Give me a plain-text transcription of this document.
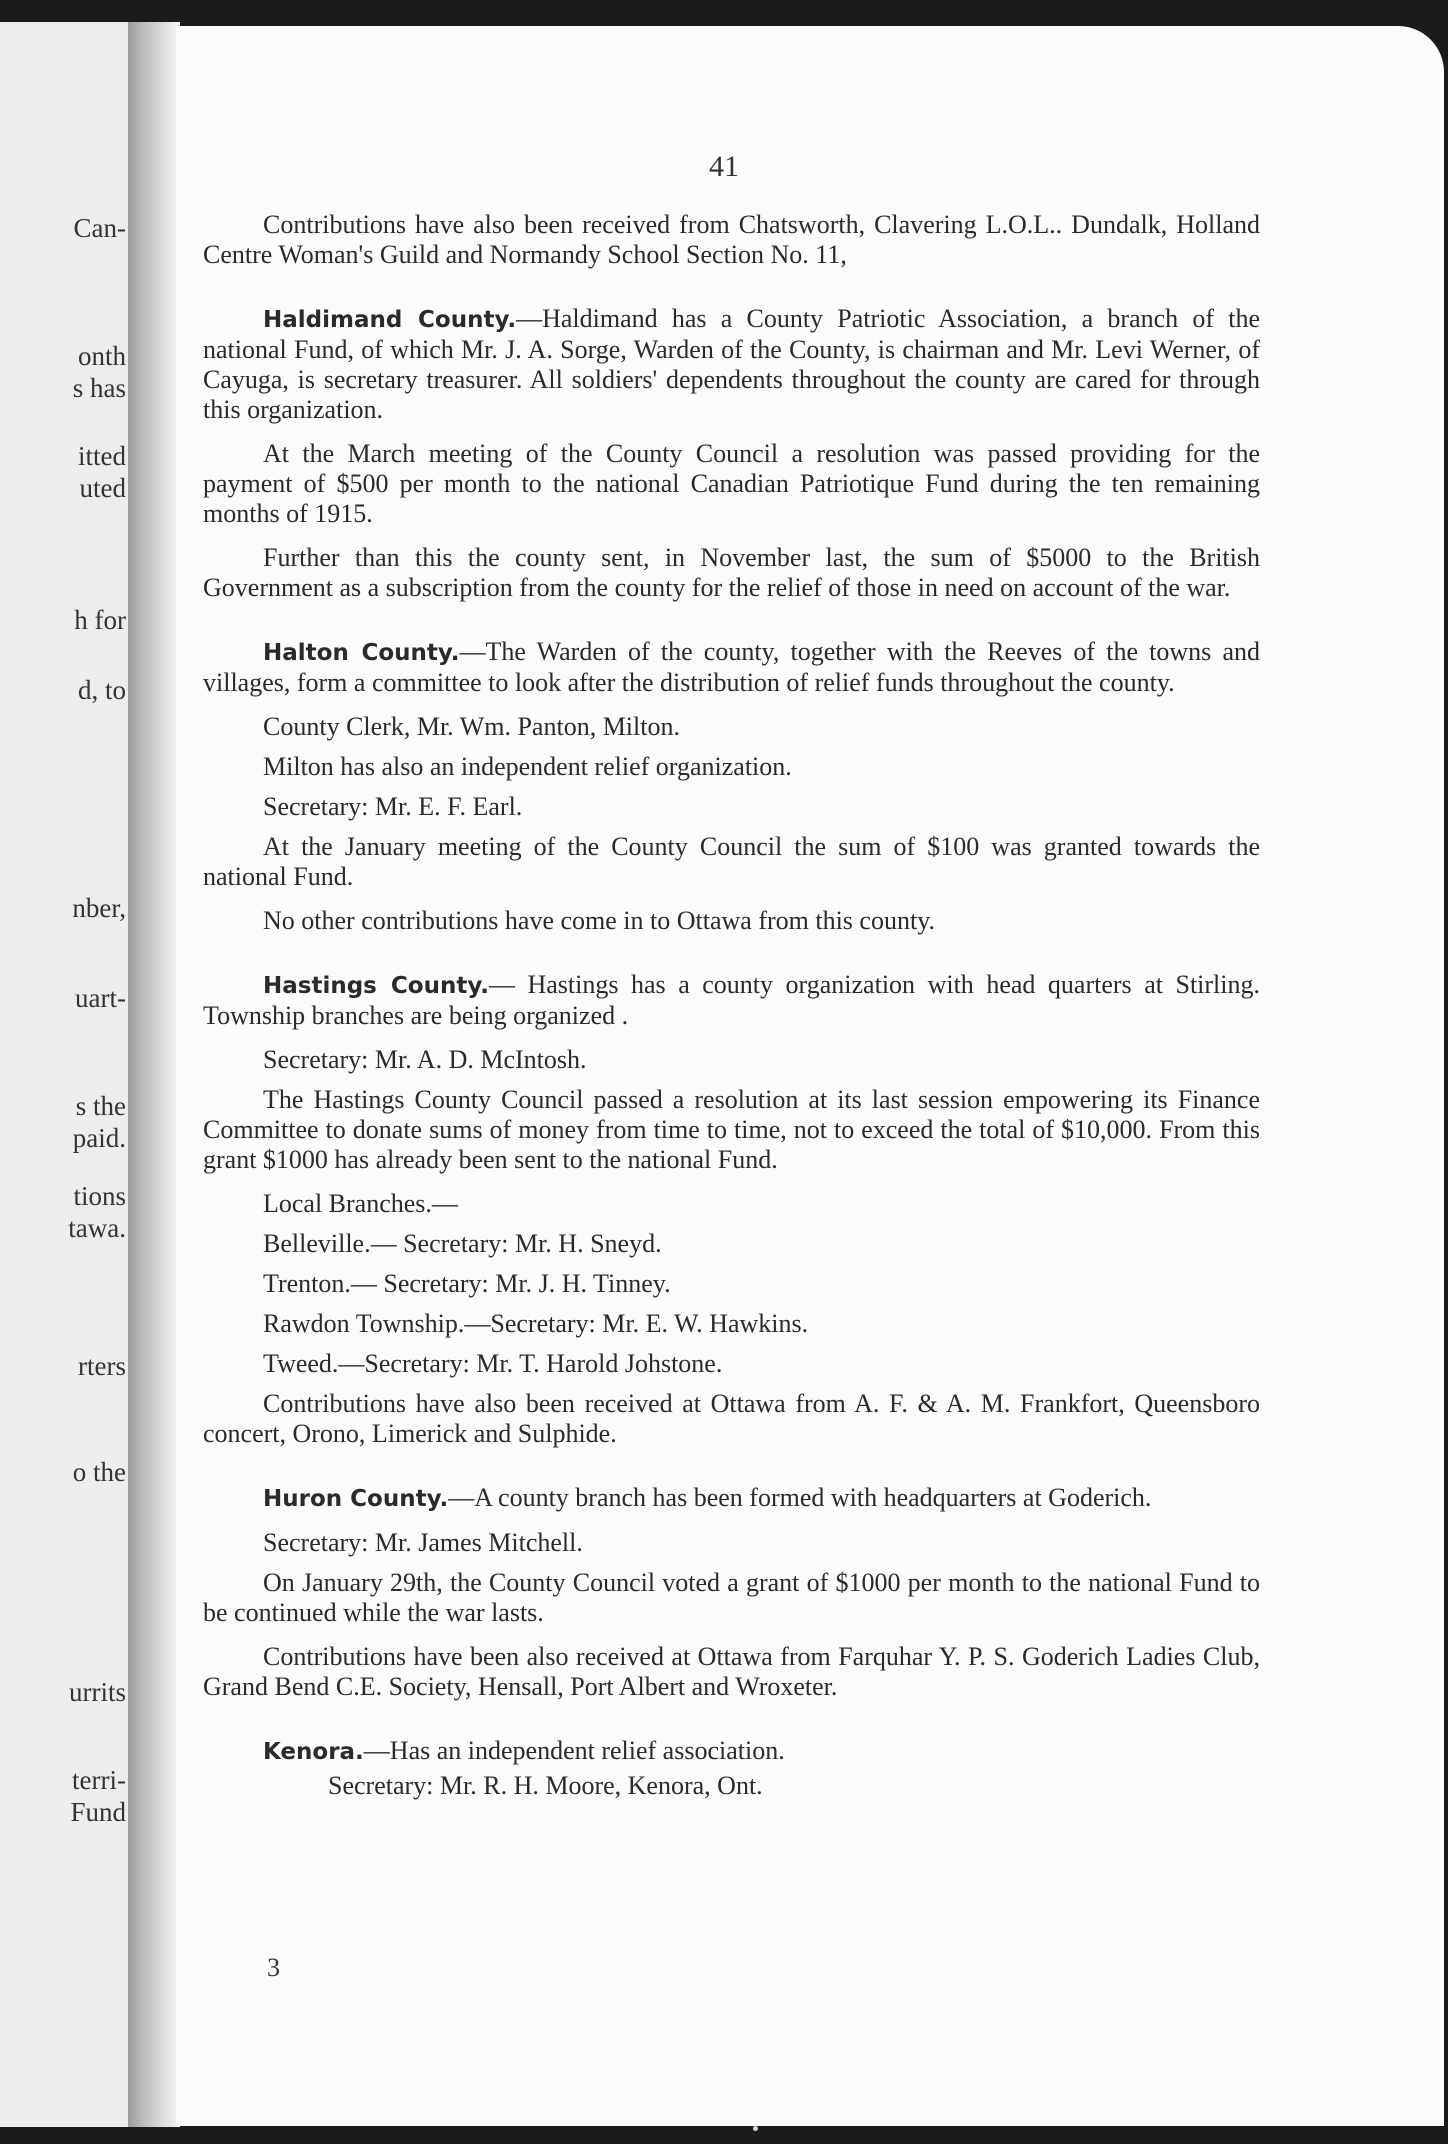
Can-
onth
s has
itted
uted
h for
d, to
nber,
uart-
s the
paid.
tions
tawa.
rters
o the
urrits
terri-
Fund
41

Contributions have also been received from Chatsworth, Clavering L.O.L.. Dundalk, Holland Centre Woman's Guild and Normandy School Section No. 11,

Haldimand County.—Haldimand has a County Patriotic Association, a branch of the national Fund, of which Mr. J. A. Sorge, Warden of the County, is chairman and Mr. Levi Werner, of Cayuga, is secretary treasurer. All soldiers' dependents throughout the county are cared for through this organization.

At the March meeting of the County Council a resolution was passed providing for the payment of $500 per month to the national Canadian Patriotique Fund during the ten remaining months of 1915.

Further than this the county sent, in November last, the sum of $5000 to the British Government as a subscription from the county for the relief of those in need on account of the war.

Halton County.—The Warden of the county, together with the Reeves of the towns and villages, form a committee to look after the distribution of relief funds throughout the county.

County Clerk, Mr. Wm. Panton, Milton.

Milton has also an independent relief organization.

Secretary: Mr. E. F. Earl.

At the January meeting of the County Council the sum of $100 was granted towards the national Fund.

No other contributions have come in to Ottawa from this county.

Hastings County.— Hastings has a county organization with head quarters at Stirling. Township branches are being organized .

Secretary: Mr. A. D. McIntosh.

The Hastings County Council passed a resolution at its last session empowering its Finance Committee to donate sums of money from time to time, not to exceed the total of $10,000. From this grant $1000 has already been sent to the national Fund.

Local Branches.—

Belleville.— Secretary: Mr. H. Sneyd.

Trenton.— Secretary: Mr. J. H. Tinney.

Rawdon Township.—Secretary: Mr. E. W. Hawkins.

Tweed.—Secretary: Mr. T. Harold Johstone.

Contributions have also been received at Ottawa from A. F. & A. M. Frankfort, Queensboro concert, Orono, Limerick and Sulphide.

Huron County.—A county branch has been formed with headquarters at Goderich.

Secretary: Mr. James Mitchell.

On January 29th, the County Council voted a grant of $1000 per month to the national Fund to be continued while the war lasts.

Contributions have been also received at Ottawa from Farquhar Y. P. S. Goderich Ladies Club, Grand Bend C.E. Society, Hensall, Port Albert and Wroxeter.

Kenora.—Has an independent relief association.

Secretary: Mr. R. H. Moore, Kenora, Ont.

3
